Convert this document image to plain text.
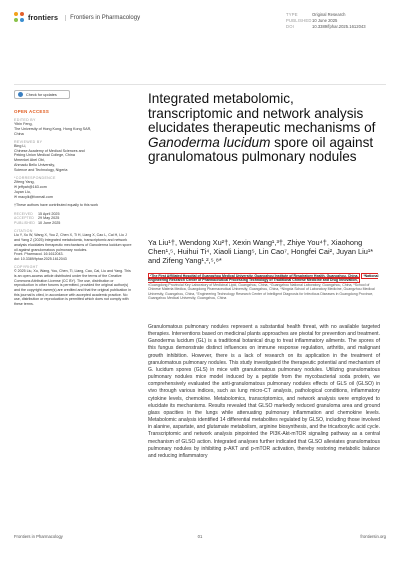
frontiers	Frontiers in Pharmacology	TYPE	Original Research
PUBLISHED10 June 2025
DOI	10.3389/fphar.2025.1612043
Check for updates
OPEN ACCESS
EDITED BY
Yibin Feng,
The University of Hong Kong, Hong Kong SAR,
China
REVIEWED BY
Bing Li,
Chinese Academy of Medical Sciences and
Peking Union Medical College, China
Mmenkei Abel Obi,
Ahmadu Bello University,
Science and Technology, Nigeria
*CORRESPONDENCE
Zifeng Yang,
✉ jeffyah@163.com
Juyan Liu,
✉ macylk@foxmail.com
†These authors have contributed equally to this work
RECEIVED 15 April 2025
ACCEPTED 29 May 2025
PUBLISHED 10 June 2025
CITATION
Liu Y, Xu W, Wang X, You Z, Chen X, Ti H, Liang X, Cao L, Cai H, Liu J and Yang Z (2025) Integrated metabolomic, transcriptomic and network analysis elucidates therapeutic mechanisms of Ganoderma lucidum spore oil against granulomatous pulmonary nodules.
Front. Pharmacol. 16:1612043.
doi: 10.3389/fphar.2025.1612043
COPYRIGHT
© 2025 Liu, Xu, Wang, You, Chen, Ti, Liang, Cao, Cai, Liu and Yang. This is an open-access article distributed under the terms of the Creative Commons Attribution License (CC BY). The use, distribution or reproduction in other forums is permitted, provided the original author(s) and the copyright owner(s) are credited and that the original publication in this journal is cited, in accordance with accepted academic practice. No use, distribution or reproduction is permitted which does not comply with these terms.
Integrated metabolomic, transcriptomic and network analysis elucidates therapeutic mechanisms of Ganoderma lucidum spore oil against granulomatous pulmonary nodules
Ya Liu¹†, Wendong Xu²†, Xexin Wang¹,³†, Zhiye You⁴†, Xiaohong Chen¹,⁵, Huihui Ti⁴, Xiaoli Liang⁵, Lin Cao⁷, Hongfei Cai², Juyan Liu¹* and Zifeng Yang¹,²,⁵,⁸*
¹The First Affiliated Hospital of Guangzhou Medical University, Guangzhou Institute of Respiratory Health, Guangzhou, China, ²National Engineering Research Center of Pharmaceutical Processing Technology of Traditional Chinese Medicine and Drug Innovation, ³Guangdong Provincial Key Laboratory of Medicinal Lipid, Guangzhou, China, ⁴Guangzhou National Laboratory, Guangzhou, China, ⁵School of Chinese Materia Medica, Guangdong Pharmaceutical University, Guangzhou, China, ⁶Ningxia School of Laboratory Medicine, Guangzhou Medical University, Guangzhou, China, ⁷Engineering Technology Research Center of Intelligent Diagnosis for Infectious Diseases in Guangdong Province, Guangzhou Medical University, Guangzhou, China

Granulomatous pulmonary nodules represent a substantial health threat, with no available targeted therapies. Interventions based on medicinal plants approaches are pivotal for prevention and treatment. Ganoderma lucidum (GL) is a traditional botanical drug to treat inflammatory ailments. The spores of this fungus demonstrate distinct influences on immune response regulation, arthritis, and malignant growth inhibition. However, there is a lack of research on its application in the treatment of granulomatous pulmonary nodules. This study investigated the therapeutic potential and mechanism of G. lucidum spores (GLS) in mice with granulomatous pulmonary nodules. Utilizing granulomatous pulmonary nodules mice model induced by a peptide from the mycobacterial soda protein, we comprehensively evaluated the anti-granulomatous pulmonary nodules effects of GLS oil (GLSO) in vivo through various indices, such as lung micro-CT analysis, pathological conditions, inflammatory cytokine levels, chemokine. Metabolomics, transcriptomics, and network analysis were employed to elucidate its mechanisms. Results revealed that GLSO markedly reduced granuloma area and ground glass opacities in the lungs while attenuating pulmonary inflammation and chemokine levels. Metabolomic analysis identified 14 differential metabolites regulated by GLSO, including those involved in alanine, aspartate, and glutamate metabolism, arginine biosynthesis, and the tricarboxylic acid cycle. Transcriptomic and network analysis pinpointed the PI3K-Akt-mTOR signaling pathway as a central mechanism of GLSO action. Integrated analyses further indicated that GLSO alleviates granulomatous pulmonary nodules by inhibiting p-AKT and p-mTOR activation, thereby restoring metabolic balance and reducing inflammatory

Frontiers in Pharmacology	01	frontiersin.org
